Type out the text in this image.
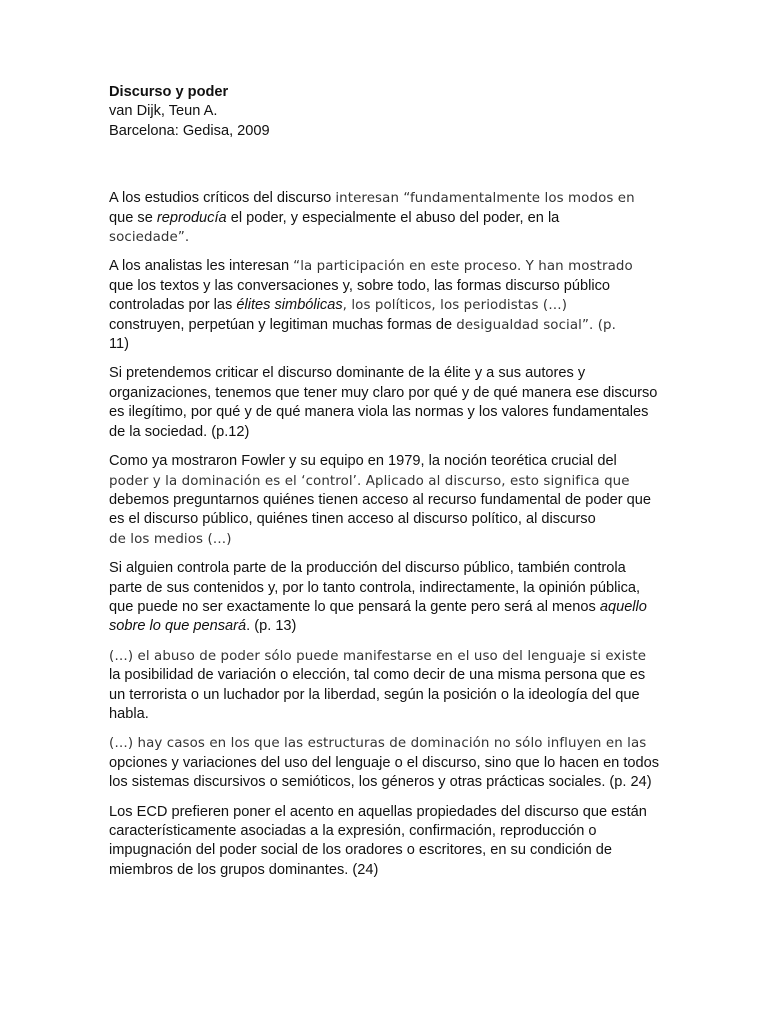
Discurso y poder
van Dijk, Teun A.
Barcelona: Gedisa, 2009

A los estudios críticos del discurso interesan “fundamentalmente los modos en
que se reproducía el poder, y especialmente el abuso del poder, en la
sociedade”.

A los analistas les interesan “la participación en este proceso. Y han mostrado
que los textos y las conversaciones y, sobre todo, las formas discurso público controladas por las élites simbólicas, los políticos, los periodistas (…)
construyen, perpetúan y legitiman muchas formas de desigualdad social”. (p.
11)

Si pretendemos criticar el discurso dominante de la élite y a sus autores y organizaciones, tenemos que tener muy claro por qué y de qué manera ese discurso es ilegítimo, por qué y de qué manera viola las normas y los valores fundamentales de la sociedad. (p.12)

Como ya mostraron Fowler y su equipo en 1979, la noción teorética crucial del
poder y la dominación es el ‘control’. Aplicado al discurso, esto significa que
debemos preguntarnos quiénes tienen acceso al recurso fundamental de poder que es el discurso público, quiénes tinen acceso al discurso político, al discurso
de los medios (…)

Si alguien controla parte de la producción del discurso público, también controla parte de sus contenidos y, por lo tanto controla, indirectamente, la opinión pública, que puede no ser exactamente lo que pensará la gente pero será al menos aquello sobre lo que pensará. (p. 13)

(…) el abuso de poder sólo puede manifestarse en el uso del lenguaje si existe
la posibilidad de variación o elección, tal como decir de una misma persona que es un terrorista o un luchador por la liberdad, según la posición o la ideología del que habla.

(…) hay casos en los que las estructuras de dominación no sólo influyen en las
opciones y variaciones del uso del lenguaje o el discurso, sino que lo hacen en todos los sistemas discursivos o semióticos, los géneros y otras prácticas sociales. (p. 24)

Los ECD prefieren poner el acento en aquellas propiedades del discurso que están característicamente asociadas a la expresión, confirmación, reproducción o impugnación del poder social de los oradores o escritores, en su condición de miembros de los grupos dominantes. (24)
